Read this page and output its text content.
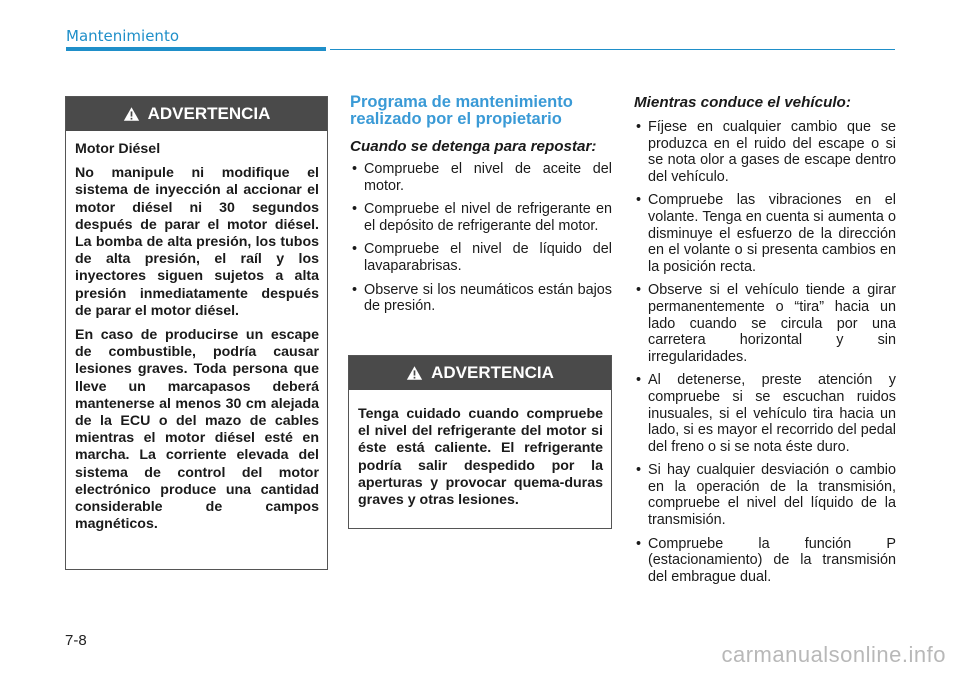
Mantenimiento
ADVERTENCIA

Motor Diésel

No manipule ni modifique el sistema de inyección al accionar el motor diésel ni 30 segundos después de parar el motor diésel. La bomba de alta presión, los tubos de alta presión, el raíl y los inyectores siguen sujetos a alta presión inmediatamente después de parar el motor diésel.

En caso de producirse un escape de combustible, podría causar lesiones graves. Toda persona que lleve un marcapasos deberá mantenerse al menos 30 cm alejada de la ECU o del mazo de cables mientras el motor diésel esté en marcha. La corriente elevada del sistema de control del motor electrónico produce una cantidad considerable de campos magnéticos.

Programa de mantenimiento realizado por el propietario
Cuando se detenga para repostar:
• Compruebe el nivel de aceite del motor.
• Compruebe el nivel de refrigerante en el depósito de refrigerante del motor.
• Compruebe el nivel de líquido del lavaparabrisas.
• Observe si los neumáticos están bajos de presión.
ADVERTENCIA

Tenga cuidado cuando compruebe el nivel del refrigerante del motor si éste está caliente. El refrigerante podría salir despedido por la aperturas y provocar quema-duras graves y otras lesiones.

Mientras conduce el vehículo:
• Fíjese en cualquier cambio que se produzca en el ruido del escape o si se nota olor a gases de escape dentro del vehículo.
• Compruebe las vibraciones en el volante. Tenga en cuenta si aumenta o disminuye el esfuerzo de la dirección en el volante o si presenta cambios en la posición recta.
• Observe si el vehículo tiende a girar permanentemente o “tira” hacia un lado cuando se circula por una carretera horizontal y sin irregularidades.
• Al detenerse, preste atención y compruebe si se escuchan ruidos inusuales, si el vehículo tira hacia un lado, si es mayor el recorrido del pedal del freno o si se nota éste duro.
• Si hay cualquier desviación o cambio en la operación de la transmisión, compruebe el nivel del líquido de la transmisión.
• Compruebe la función P (estacionamiento) de la transmisión del embrague dual.
7-8
carmanualsonline.info
